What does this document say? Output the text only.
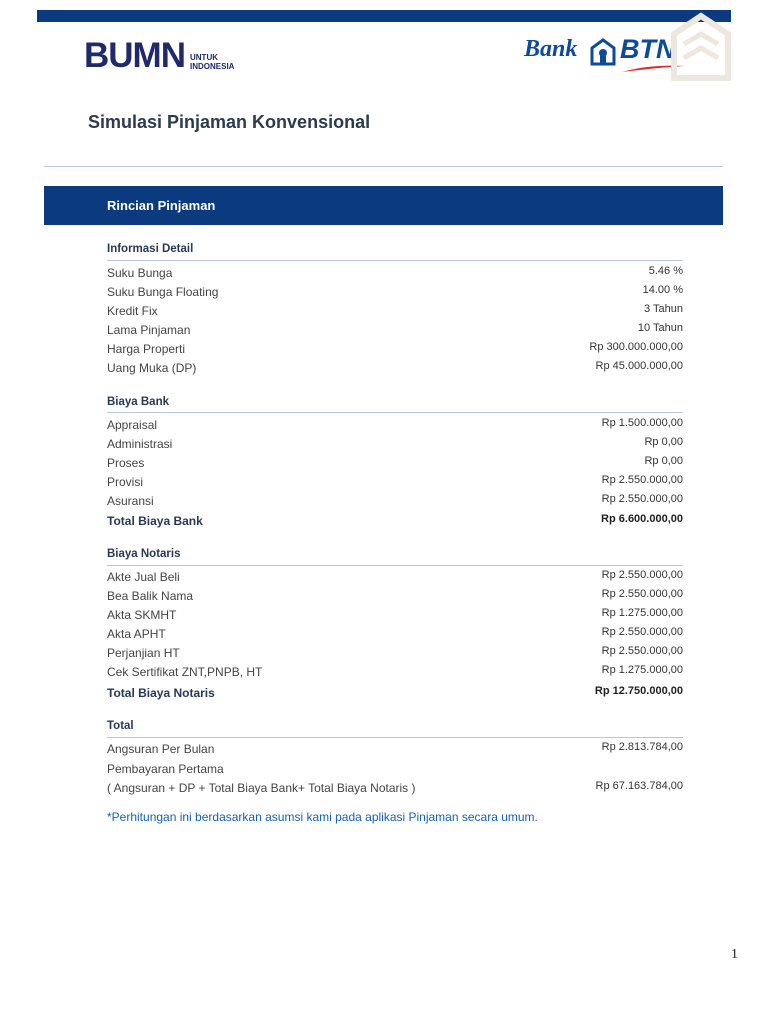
BUMN UNTUK
INDONESIA
Bank BTN
Simulasi Pinjaman Konvensional
Rincian Pinjaman
Informasi Detail
Suku Bunga	5.46 %
Suku Bunga Floating	14.00 %
Kredit Fix	3 Tahun
Lama Pinjaman	10 Tahun
Harga Properti	Rp 300.000.000,00
Uang Muka (DP)	Rp 45.000.000,00
Biaya Bank
Appraisal	Rp 1.500.000,00
Administrasi	Rp 0,00
Proses	Rp 0,00
Provisi	Rp 2.550.000,00
Asuransi	Rp 2.550.000,00
Total Biaya Bank	Rp 6.600.000,00
Biaya Notaris
Akte Jual Beli	Rp 2.550.000,00
Bea Balik Nama	Rp 2.550.000,00
Akta SKMHT	Rp 1.275.000,00
Akta APHT	Rp 2.550.000,00
Perjanjian HT	Rp 2.550.000,00
Cek Sertifikat ZNT,PNPB, HT	Rp 1.275.000,00
Total Biaya Notaris	Rp 12.750.000,00
Total
Angsuran Per Bulan	Rp 2.813.784,00
Pembayaran Pertama
( Angsuran + DP + Total Biaya Bank+ Total Biaya Notaris )	Rp 67.163.784,00
*Perhitungan ini berdasarkan asumsi kami pada aplikasi Pinjaman secara umum.
1
